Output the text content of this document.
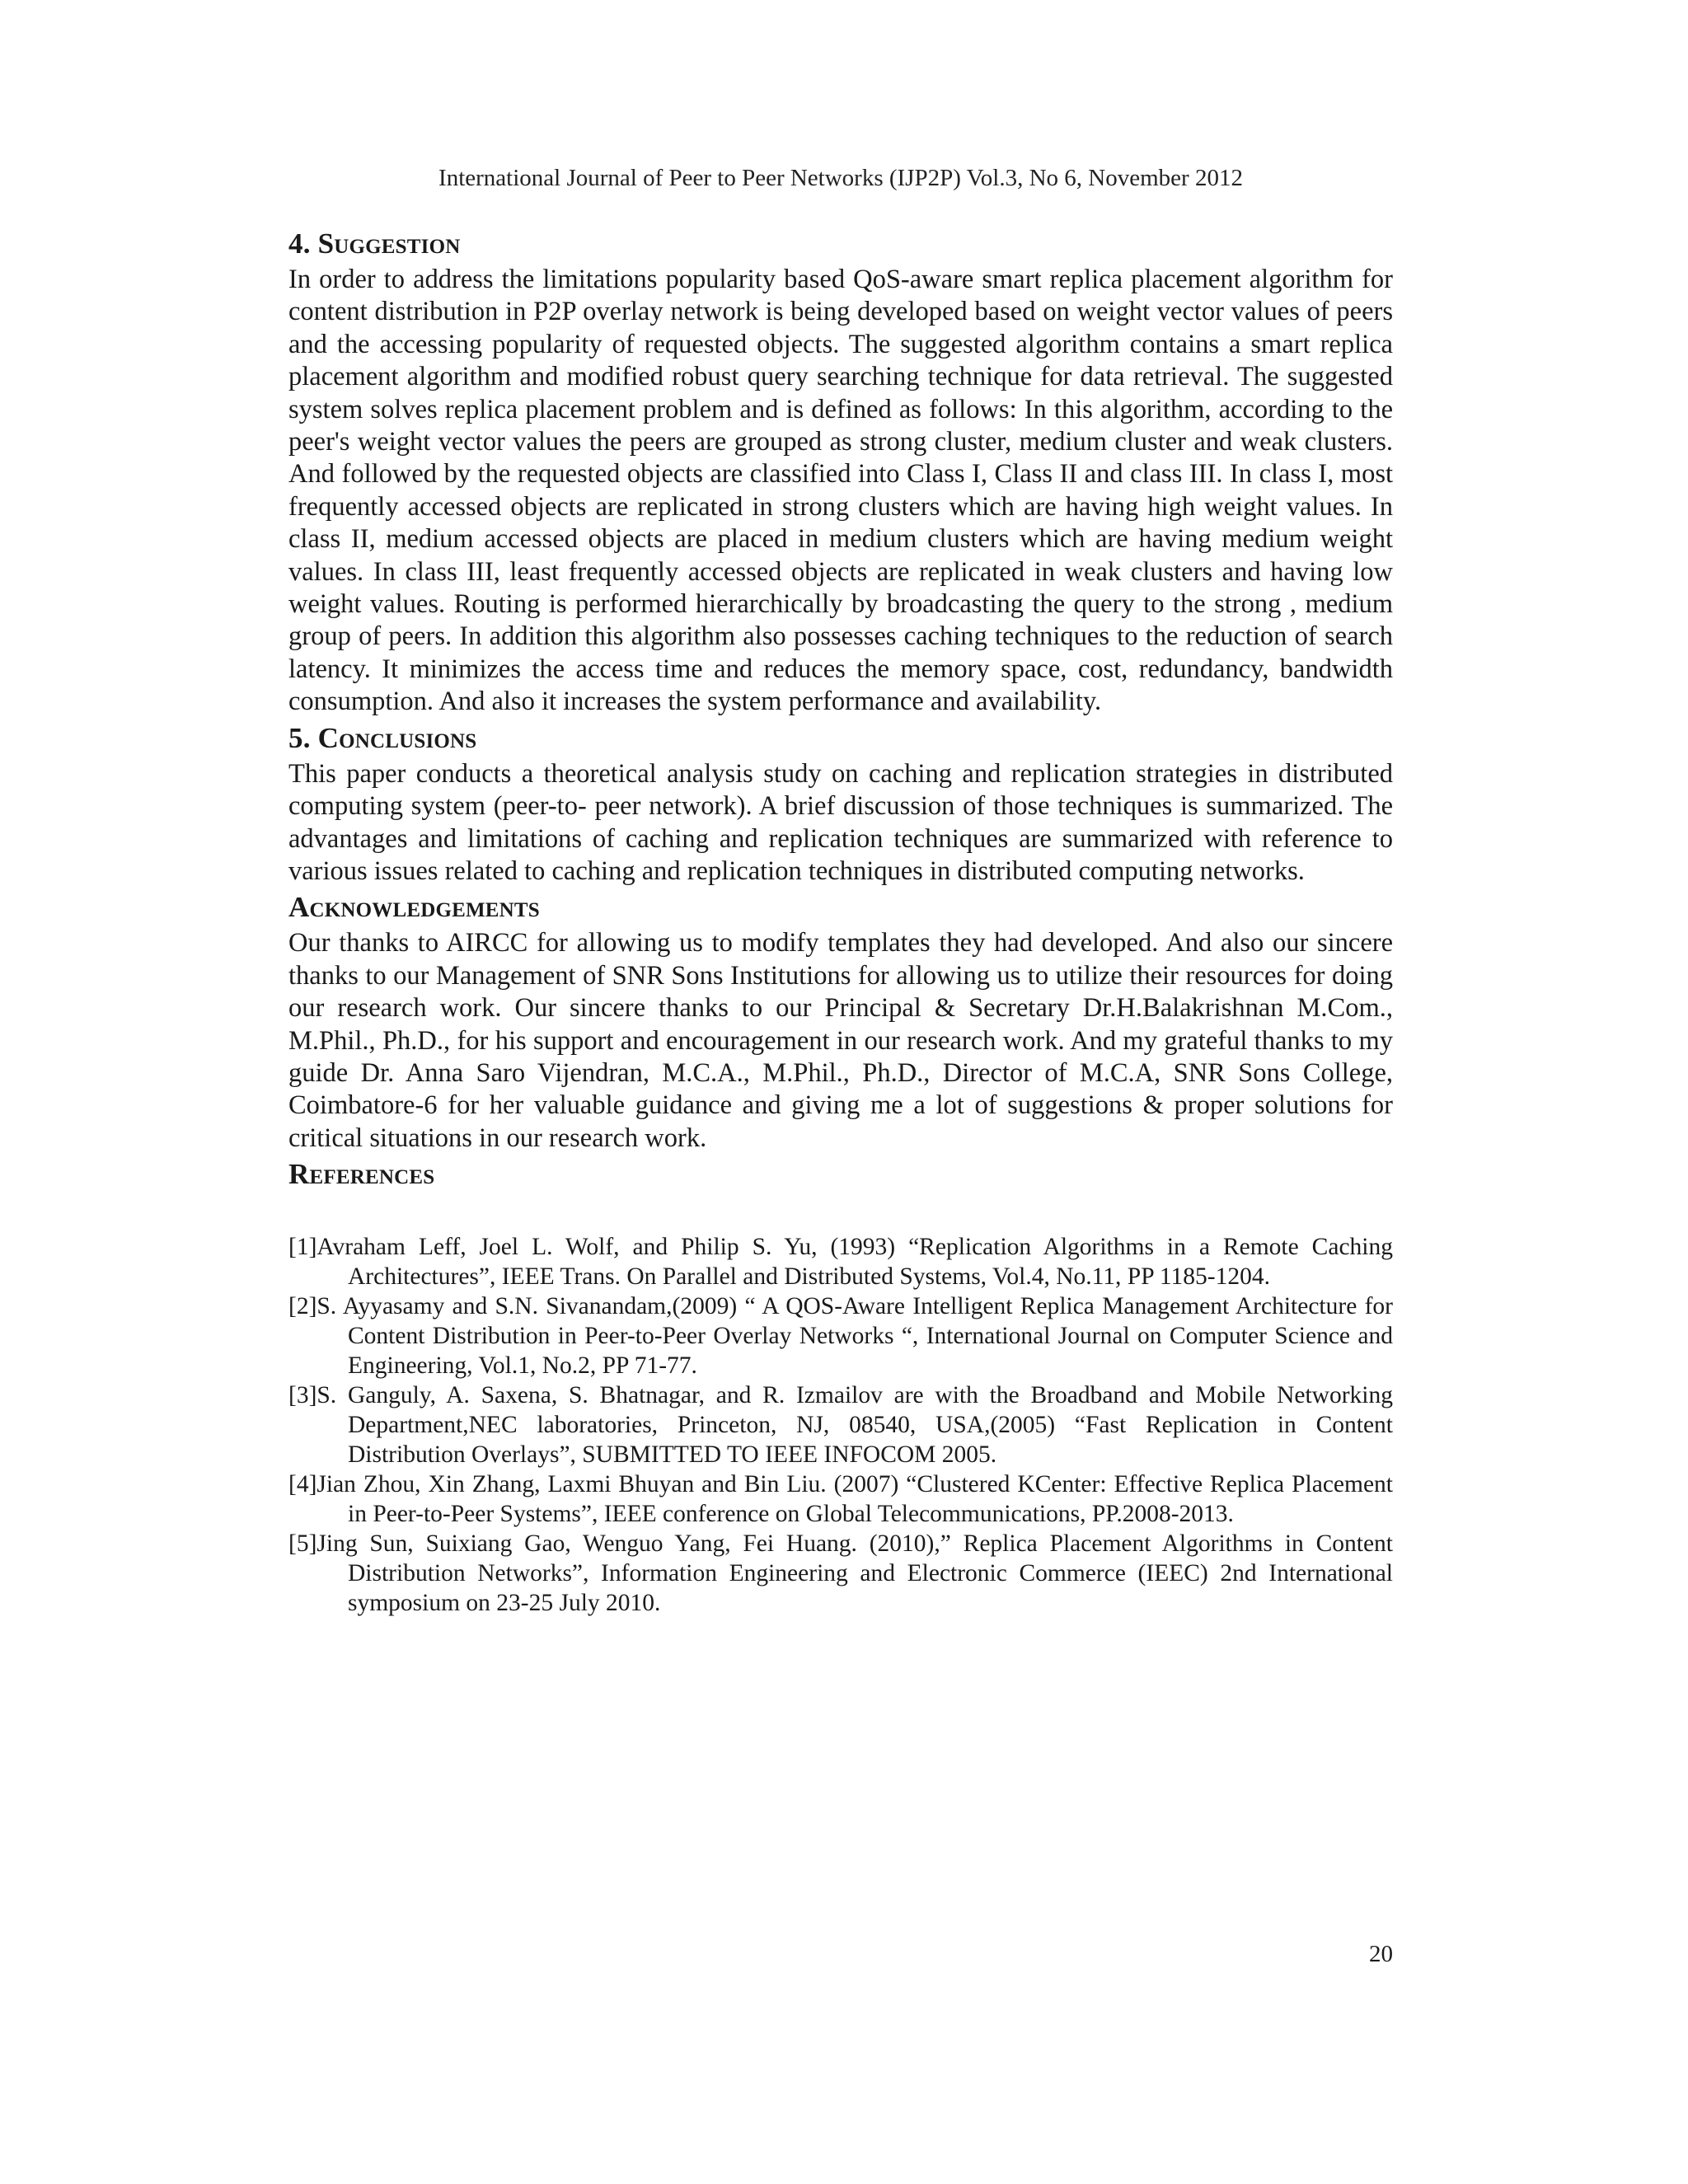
International Journal of Peer to Peer Networks (IJP2P) Vol.3, No 6, November 2012
4. Suggestion

In order to address the limitations popularity based QoS-aware smart replica placement algorithm for content distribution in P2P overlay network is being developed based on weight vector values of peers and the accessing popularity of requested objects. The suggested algorithm contains a smart replica placement algorithm and modified robust query searching technique for data retrieval. The suggested system solves replica placement problem and is defined as follows: In this algorithm, according to the peer's weight vector values the peers are grouped as strong cluster, medium cluster and weak clusters. And followed by the requested objects are classified into Class I, Class II and class III. In class I, most frequently accessed objects are replicated in strong clusters which are having high weight values. In class II, medium accessed objects are placed in medium clusters which are having medium weight values. In class III, least frequently accessed objects are replicated in weak clusters and having low weight values. Routing is performed hierarchically by broadcasting the query to the strong , medium group of peers. In addition this algorithm also possesses caching techniques to the reduction of search latency. It minimizes the access time and reduces the memory space, cost, redundancy, bandwidth consumption. And also it increases the system performance and availability.

5. Conclusions

This paper conducts a theoretical analysis study on caching and replication strategies in distributed computing system (peer-to- peer network). A brief discussion of those techniques is summarized. The advantages and limitations of caching and replication techniques are summarized with reference to various issues related to caching and replication techniques in distributed computing networks.

Acknowledgements

Our thanks to AIRCC for allowing us to modify templates they had developed. And also our sincere thanks to our Management of SNR Sons Institutions for allowing us to utilize their resources for doing our research work. Our sincere thanks to our Principal & Secretary Dr.H.Balakrishnan M.Com., M.Phil., Ph.D., for his support and encouragement in our research work. And my grateful thanks to my guide Dr. Anna Saro Vijendran, M.C.A., M.Phil., Ph.D., Director of M.C.A, SNR Sons College, Coimbatore-6 for her valuable guidance and giving me a lot of suggestions & proper solutions for critical situations in our research work.

References
[1]Avraham Leff, Joel L. Wolf, and Philip S. Yu, (1993) “Replication Algorithms in a Remote Caching Architectures”, IEEE Trans. On Parallel and Distributed Systems, Vol.4, No.11, PP 1185-1204.
[2]S. Ayyasamy and S.N. Sivanandam,(2009) “ A QOS-Aware Intelligent Replica Management Architecture for Content Distribution in Peer-to-Peer Overlay Networks “, International Journal on Computer Science and Engineering, Vol.1, No.2, PP 71-77.
[3]S. Ganguly, A. Saxena, S. Bhatnagar, and R. Izmailov are with the Broadband and Mobile Networking Department,NEC laboratories, Princeton, NJ, 08540, USA,(2005) “Fast Replication in Content Distribution Overlays”, SUBMITTED TO IEEE INFOCOM 2005.
[4]Jian Zhou, Xin Zhang, Laxmi Bhuyan and Bin Liu. (2007) “Clustered KCenter: Effective Replica Placement in Peer-to-Peer Systems”, IEEE conference on Global Telecommunications, PP.2008-2013.
[5]Jing Sun, Suixiang Gao, Wenguo Yang, Fei Huang. (2010),” Replica Placement Algorithms in Content Distribution Networks”, Information Engineering and Electronic Commerce (IEEC) 2nd International symposium on 23-25 July 2010.
20
